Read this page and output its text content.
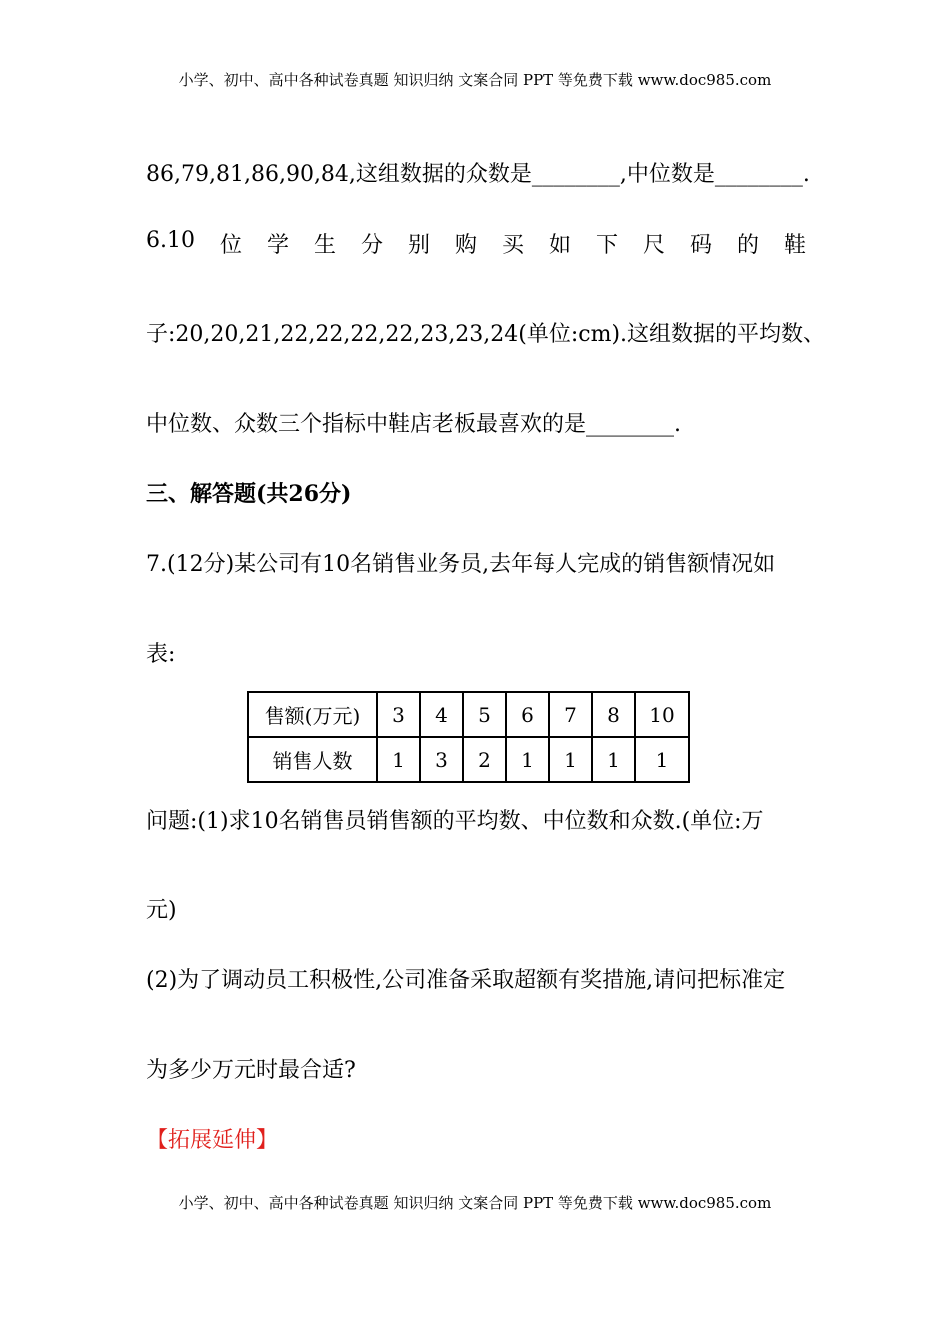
小学、初中、高中各种试卷真题 知识归纳 文案合同 PPT 等免费下载 www.doc985.com
86,79,81,86,90,84,这组数据的众数是________,中位数是________.
6.10 位 学 生 分 别 购 买 如 下 尺 码 的 鞋
子:20,20,21,22,22,22,22,23,23,24(单位:cm).这组数据的平均数、
中位数、众数三个指标中鞋店老板最喜欢的是________.
三、解答题(共26分)
7.(12分)某公司有10名销售业务员,去年每人完成的销售额情况如
表:
售额(万元)	3	4	5	6	7	8	10
销售人数	1	3	2	1	1	1	1
问题:(1)求10名销售员销售额的平均数、中位数和众数.(单位:万
元)
(2)为了调动员工积极性,公司准备采取超额有奖措施,请问把标准定
为多少万元时最合适?
【拓展延伸】
小学、初中、高中各种试卷真题 知识归纳 文案合同 PPT 等免费下载 www.doc985.com
